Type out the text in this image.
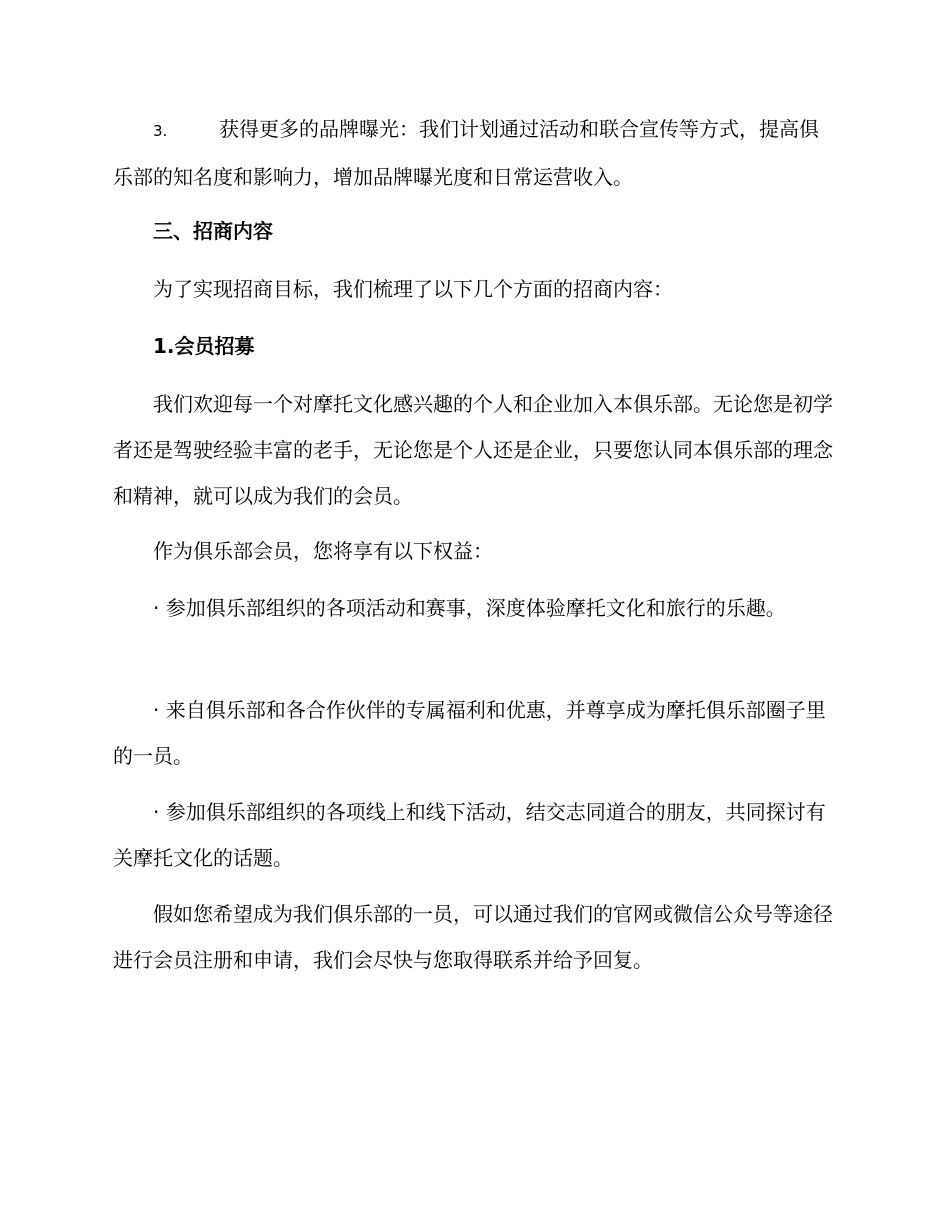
3.	获得更多的品牌曝光：我们计划通过活动和联合宣传等方式，提高俱乐部的知名度和影响力，增加品牌曝光度和日常运营收入。

三、招商内容

为了实现招商目标，我们梳理了以下几个方面的招商内容：

1.会员招募

我们欢迎每一个对摩托文化感兴趣的个人和企业加入本俱乐部。无论您是初学者还是驾驶经验丰富的老手，无论您是个人还是企业，只要您认同本俱乐部的理念和精神，就可以成为我们的会员。

作为俱乐部会员，您将享有以下权益：

· 参加俱乐部组织的各项活动和赛事，深度体验摩托文化和旅行的乐趣。

· 来自俱乐部和各合作伙伴的专属福利和优惠，并尊享成为摩托俱乐部圈子里的一员。

· 参加俱乐部组织的各项线上和线下活动，结交志同道合的朋友，共同探讨有关摩托文化的话题。

假如您希望成为我们俱乐部的一员，可以通过我们的官网或微信公众号等途径进行会员注册和申请，我们会尽快与您取得联系并给予回复。
